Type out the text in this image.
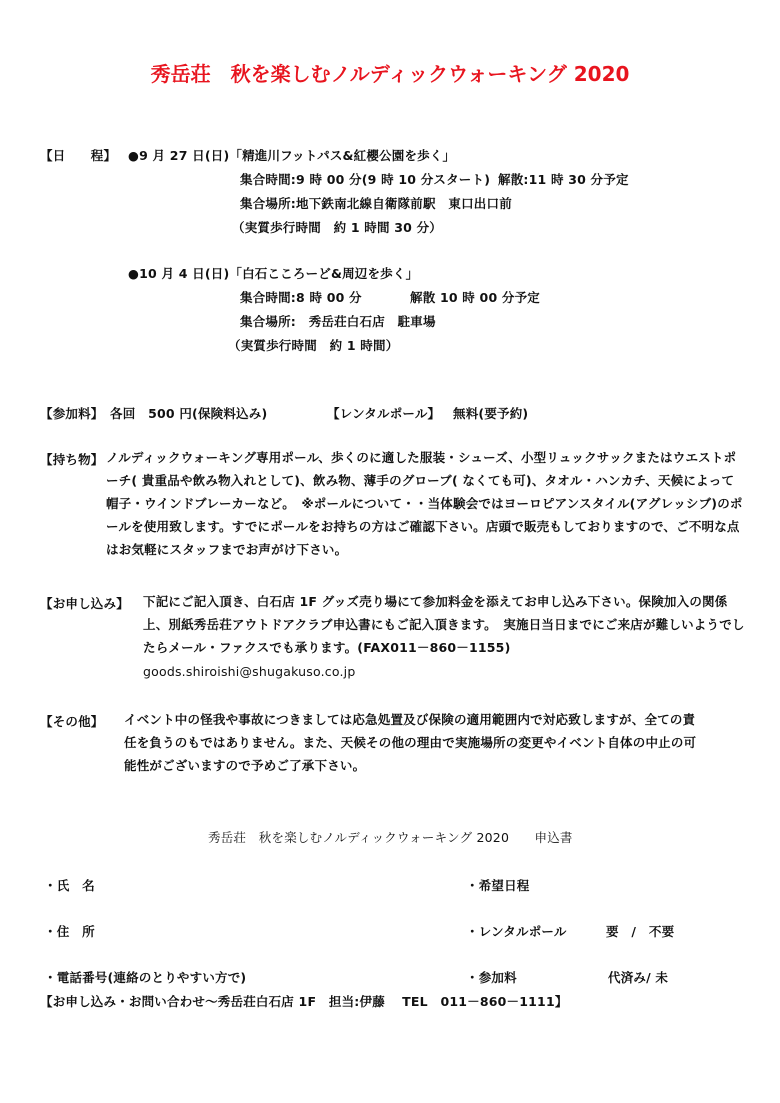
秀岳荘　秋を楽しむノルディックウォーキング 2020
【日　　程】 ●9 月 27 日(日)「精進川フットパス&紅櫻公園を歩く」
集合時間:9 時 00 分(9 時 10 分スタート) 解散:11 時 30 分予定
集合場所:地下鉄南北線自衛隊前駅　東口出口前
（実質歩行時間　約 1 時間 30 分）
●10 月 4 日(日)「白石こころーど&周辺を歩く」
集合時間:8 時 00 分	解散 10 時 00 分予定
集合場所:　秀岳荘白石店　駐車場
（実質歩行時間　約 1 時間）
【参加料】 各回　500 円(保険料込み)	【レンタルポール】 無料(要予約)
【持ち物】 ノルディックウォーキング専用ポール、歩くのに適した服装・シューズ、小型リュックサックまたはウエストポーチ( 貴重品や飲み物入れとして)、飲み物、薄手のグローブ( なくても可)、タオル・ハンカチ、天候によって帽子・ウインドブレーカーなど。　※ポールについて・・当体験会ではヨーロピアンスタイル(アグレッシブ)のポールを使用致します。すでにポールをお持ちの方はご確認下さい。店頭で販売もしておりますので、ご不明な点はお気軽にスタッフまでお声がけ下さい。
【お申し込み】 下記にご記入頂き、白石店 1F グッズ売り場にて参加料金を添えてお申し込み下さい。保険加入の関係上、別紙秀岳荘アウトドアクラブ申込書にもご記入頂きます。　実施日当日までにご来店が難しいようでしたらメール・ファクスでも承ります。(FAX011－860－1155)
goods.shiroishi@shugakuso.co.jp
【その他】 イベント中の怪我や事故につきましては応急処置及び保険の適用範囲内で対応致しますが、全ての責任を負うのもではありません。また、天候その他の理由で実施場所の変更やイベント自体の中止の可能性がございますので予めご了承下さい。
秀岳荘　秋を楽しむノルディックウォーキング 2020　　申込書
・氏　名	・希望日程
・住　所	・レンタルポール	要　/　不要
・電話番号(連絡のとりやすい方で)	・参加料	代済み/ 未
【お申し込み・お問い合わせ～秀岳荘白石店 1F　担当:伊藤　 TEL　011－860－1111】
